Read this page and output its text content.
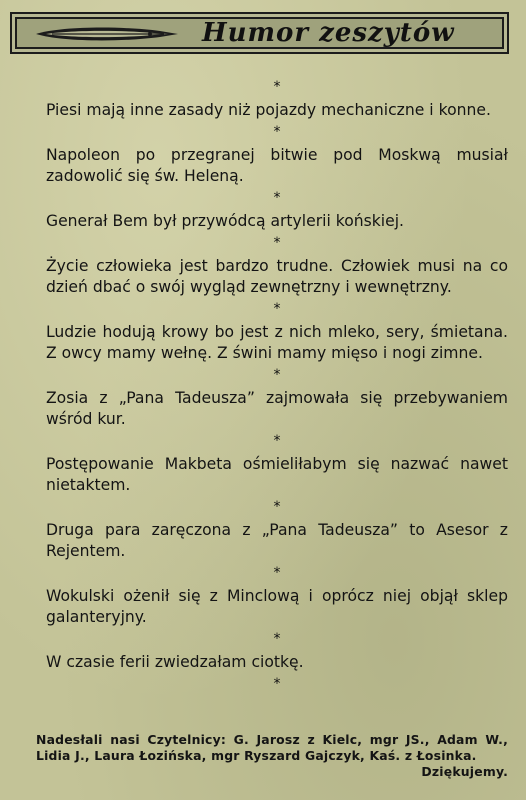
Humor zeszytów
*
Piesi mają inne zasady niż pojazdy mechaniczne i konne.
*
Napoleon po przegranej bitwie pod Moskwą musiał zadowolić się św. Heleną.
*
Generał Bem był przywódcą artylerii końskiej.
*
Życie człowieka jest bardzo trudne. Człowiek musi na co dzień dbać o swój wygląd zewnętrzny i wewnętrzny.
*
Ludzie hodują krowy bo jest z nich mleko, sery, śmietana. Z owcy mamy wełnę. Z świni mamy mięso i nogi zimne.
*
Zosia z „Pana Tadeusza” zajmowała się przebywaniem wśród kur.
*
Postępowanie Makbeta ośmieliłabym się nazwać nawet nietaktem.
*
Druga para zaręczona z „Pana Tadeusza” to Asesor z Rejentem.
*
Wokulski ożenił się z Minclową i oprócz niej objął sklep galanteryjny.
*
W czasie ferii zwiedzałam ciotkę.
*
Nadesłali nasi Czytelnicy: G. Jarosz z Kielc, mgr JS., Adam W., Lidia J., Laura Łozińska, mgr Ryszard Gajczyk, Kaś. z Łosinka.
Dziękujemy.
